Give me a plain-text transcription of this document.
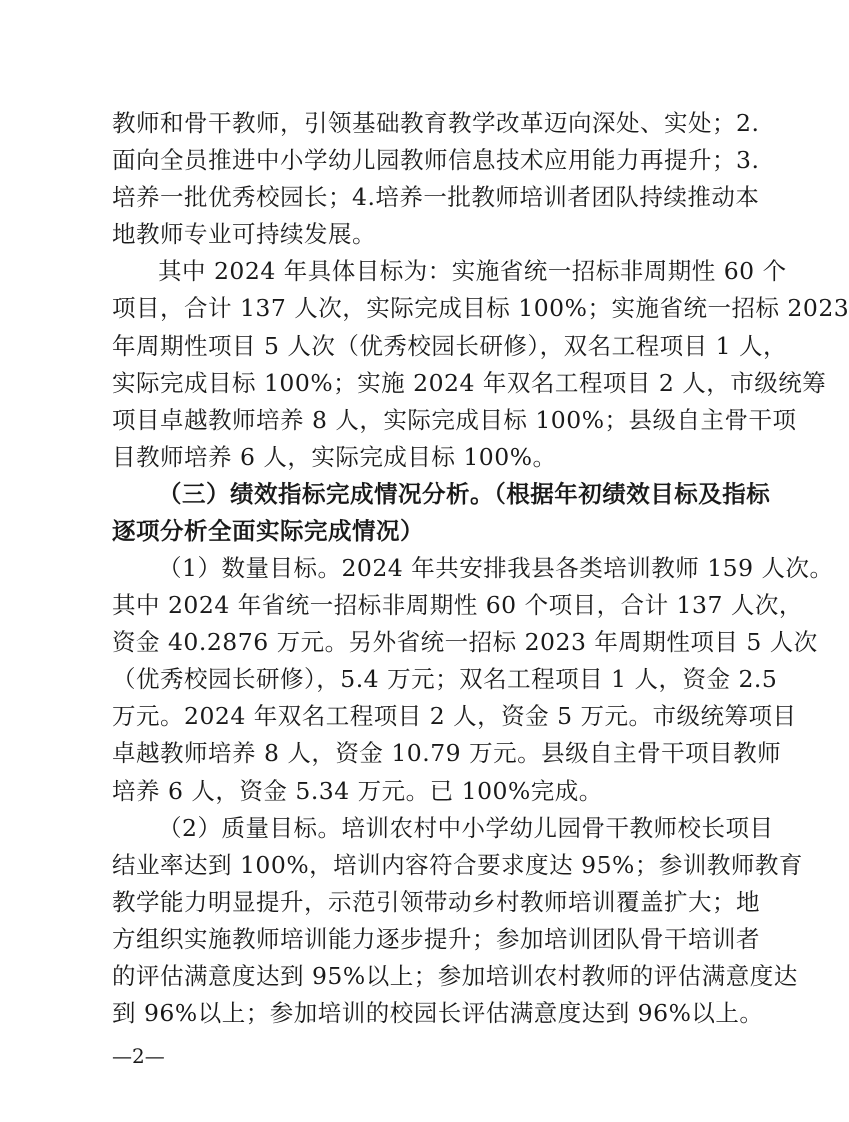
教师和骨干教师，引领基础教育教学改革迈向深处、实处；2.
面向全员推进中小学幼儿园教师信息技术应用能力再提升；3.
培养一批优秀校园长；4.培养一批教师培训者团队持续推动本
地教师专业可持续发展。
其中 2024 年具体目标为：实施省统一招标非周期性 60 个
项目，合计 137 人次，实际完成目标 100%；实施省统一招标 2023
年周期性项目 5 人次（优秀校园长研修），双名工程项目 1 人，
实际完成目标 100%；实施 2024 年双名工程项目 2 人，市级统筹
项目卓越教师培养 8 人，实际完成目标 100%；县级自主骨干项
目教师培养 6 人，实际完成目标 100%。
（三）绩效指标完成情况分析。（根据年初绩效目标及指标
逐项分析全面实际完成情况）
（1）数量目标。2024 年共安排我县各类培训教师 159 人次。
其中 2024 年省统一招标非周期性 60 个项目，合计 137 人次，
资金 40.2876 万元。另外省统一招标 2023 年周期性项目 5 人次
（优秀校园长研修），5.4 万元；双名工程项目 1 人，资金 2.5
万元。2024 年双名工程项目 2 人，资金 5 万元。市级统筹项目
卓越教师培养 8 人，资金 10.79 万元。县级自主骨干项目教师
培养 6 人，资金 5.34 万元。已 100%完成。
（2）质量目标。培训农村中小学幼儿园骨干教师校长项目
结业率达到 100%，培训内容符合要求度达 95%；参训教师教育
—2—
教学能力明显提升，示范引领带动乡村教师培训覆盖扩大；地
方组织实施教师培训能力逐步提升；参加培训团队骨干培训者
的评估满意度达到 95%以上；参加培训农村教师的评估满意度达
到 96%以上；参加培训的校园长评估满意度达到 96%以上。
